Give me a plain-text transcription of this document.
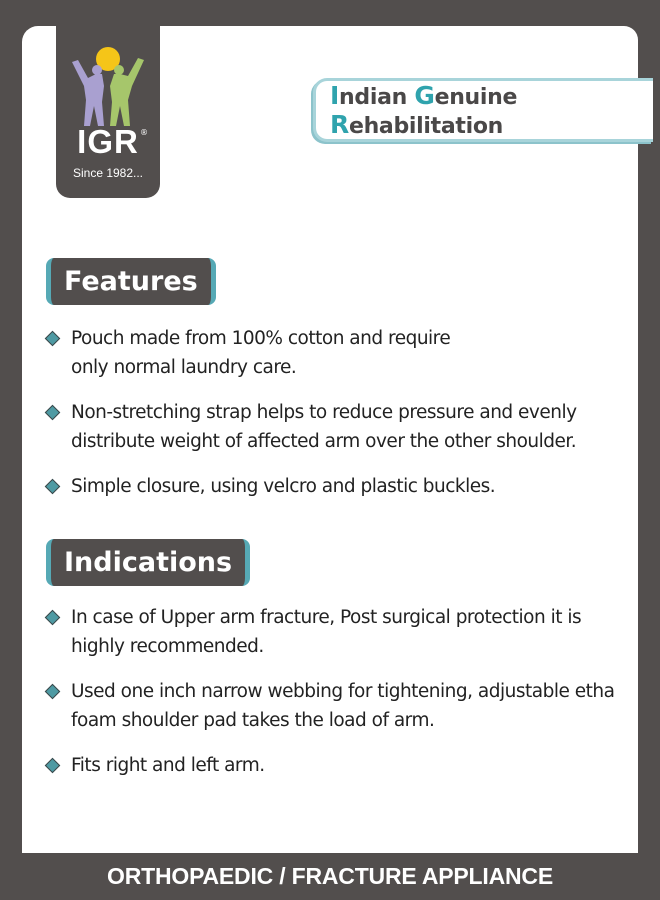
IGR ®
Since 1982...
Indian Genuine Rehabilitation
Features
Pouch made from 100% cotton and require only normal laundry care.
Non-stretching strap helps to reduce pressure and evenly distribute weight of affected arm over the other shoulder.
Simple closure, using velcro and plastic buckles.
Indications
In case of Upper arm fracture, Post surgical protection it is highly recommended.
Used one inch narrow webbing for tightening, adjustable etha foam shoulder pad takes the load of arm.
Fits right and left arm.
ORTHOPAEDIC / FRACTURE APPLIANCE
